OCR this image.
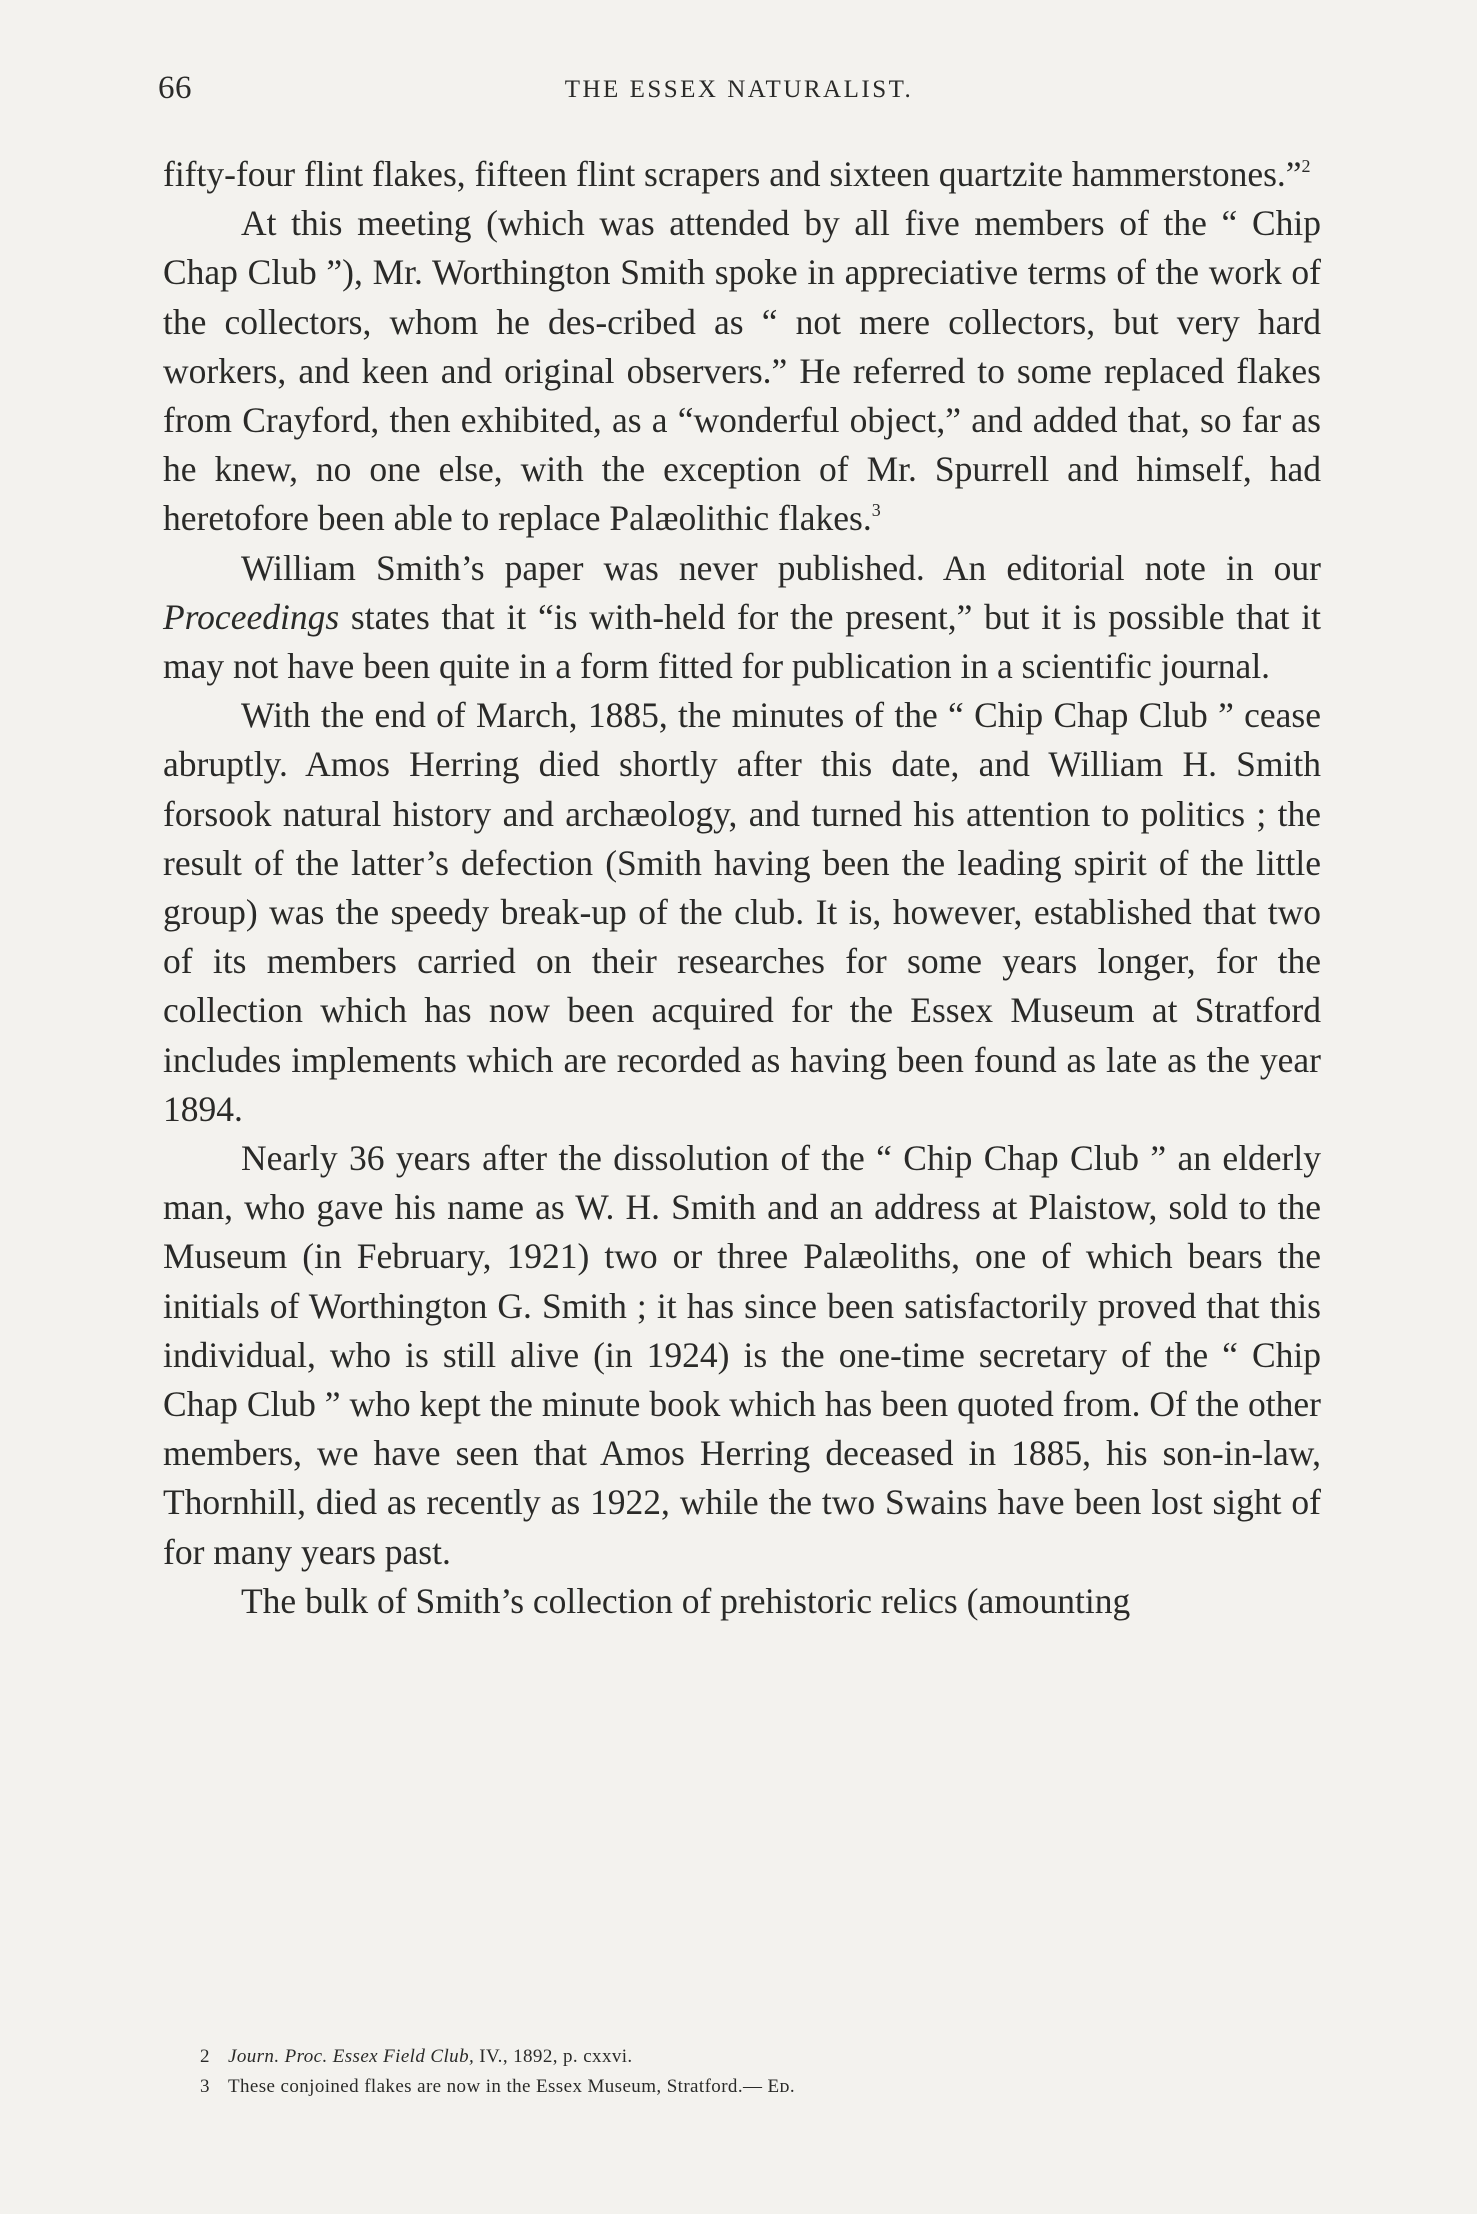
66	THE ESSEX NATURALIST.

fifty-four flint flakes, fifteen flint scrapers and sixteen quartzite hammerstones.”$^2$

At this meeting (which was attended by all five members of the “ Chip Chap Club ”), Mr. Worthington Smith spoke in appreciative terms of the work of the collectors, whom he des-cribed as “ not mere collectors, but very hard workers, and keen and original observers.” He referred to some replaced flakes from Crayford, then exhibited, as a “wonderful object,” and added that, so far as he knew, no one else, with the exception of Mr. Spurrell and himself, had heretofore been able to replace Palæolithic flakes.$^3$

William Smith’s paper was never published. An editorial note in our Proceedings states that it “is with-held for the present,” but it is possible that it may not have been quite in a form fitted for publication in a scientific journal.

With the end of March, 1885, the minutes of the “ Chip Chap Club ” cease abruptly. Amos Herring died shortly after this date, and William H. Smith forsook natural history and archæology, and turned his attention to politics ; the result of the latter’s defection (Smith having been the leading spirit of the little group) was the speedy break-up of the club. It is, however, established that two of its members carried on their researches for some years longer, for the collection which has now been acquired for the Essex Museum at Stratford includes implements which are recorded as having been found as late as the year 1894.

Nearly 36 years after the dissolution of the “ Chip Chap Club ” an elderly man, who gave his name as W. H. Smith and an address at Plaistow, sold to the Museum (in February, 1921) two or three Palæoliths, one of which bears the initials of Worthington G. Smith ; it has since been satisfactorily proved that this individual, who is still alive (in 1924) is the one-time secretary of the “ Chip Chap Club ” who kept the minute book which has been quoted from. Of the other members, we have seen that Amos Herring deceased in 1885, his son-in-law, Thornhill, died as recently as 1922, while the two Swains have been lost sight of for many years past.

The bulk of Smith’s collection of prehistoric relics (amounting

2 Journ. Proc. Essex Field Club, IV., 1892, p. cxxvi.

3 These conjoined flakes are now in the Essex Museum, Stratford.— Eᴅ.
